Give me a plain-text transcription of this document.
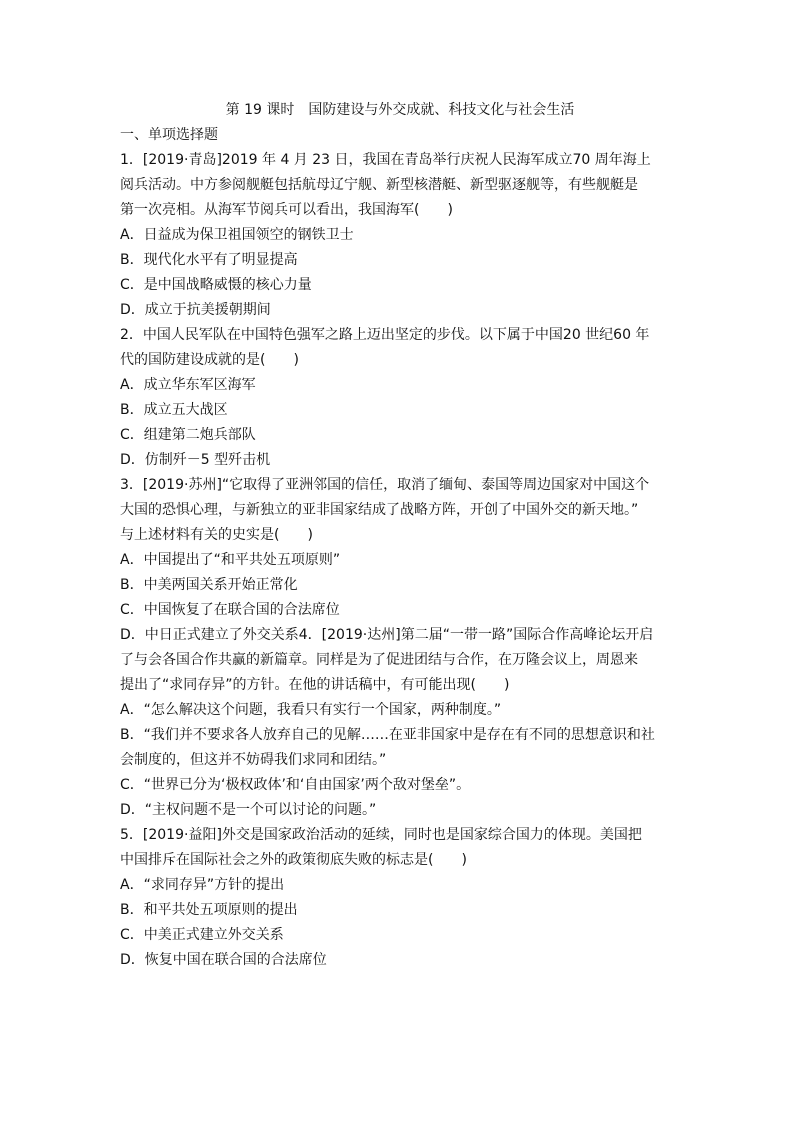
第 19 课时　国防建设与外交成就、科技文化与社会生活
一、单项选择题
1．[2019·青岛]2019 年 4 月 23 日，我国在青岛举行庆祝人民海军成立70 周年海上
阅兵活动。中方参阅舰艇包括航母辽宁舰、新型核潜艇、新型驱逐舰等，有些舰艇是
第一次亮相。从海军节阅兵可以看出，我国海军(　　)
A．日益成为保卫祖国领空的钢铁卫士
B．现代化水平有了明显提高
C．是中国战略威慑的核心力量
D．成立于抗美援朝期间
2．中国人民军队在中国特色强军之路上迈出坚定的步伐。以下属于中国20 世纪60 年
代的国防建设成就的是(　　)
A．成立华东军区海军
B．成立五大战区
C．组建第二炮兵部队
D．仿制歼－5 型歼击机
3．[2019·苏州]“它取得了亚洲邻国的信任，取消了缅甸、泰国等周边国家对中国这个
大国的恐惧心理，与新独立的亚非国家结成了战略方阵，开创了中国外交的新天地。”
与上述材料有关的史实是(　　)
A．中国提出了“和平共处五项原则”
B．中美两国关系开始正常化
C．中国恢复了在联合国的合法席位
D．中日正式建立了外交关系4．[2019·达州]第二届“一带一路”国际合作高峰论坛开启
了与会各国合作共赢的新篇章。同样是为了促进团结与合作，在万隆会议上，周恩来
提出了“求同存异”的方针。在他的讲话稿中，有可能出现(　　)
A．“怎么解决这个问题，我看只有实行一个国家，两种制度。”
B．“我们并不要求各人放弃自己的见解……在亚非国家中是存在有不同的思想意识和社
会制度的，但这并不妨碍我们求同和团结。”
C．“世界已分为‘极权政体’和‘自由国家’两个敌对堡垒”。
D．“主权问题不是一个可以讨论的问题。”
5．[2019·益阳]外交是国家政治活动的延续，同时也是国家综合国力的体现。美国把
中国排斥在国际社会之外的政策彻底失败的标志是(　　)
A．“求同存异”方针的提出
B．和平共处五项原则的提出
C．中美正式建立外交关系
D．恢复中国在联合国的合法席位
